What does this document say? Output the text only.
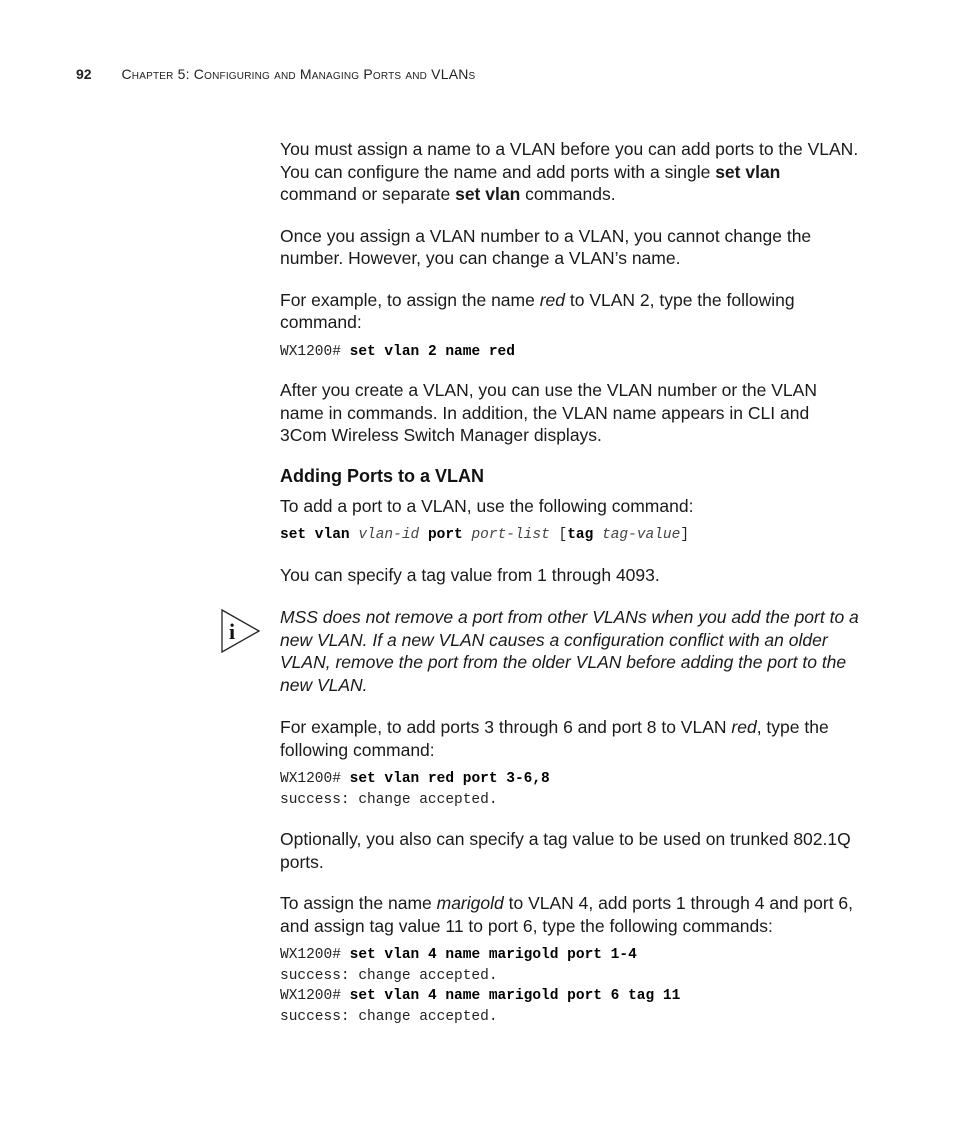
92 Chapter 5: Configuring and Managing Ports and VLANs
i

You must assign a name to a VLAN before you can add ports to the VLAN. You can configure the name and add ports with a single set vlan command or separate set vlan commands.

Once you assign a VLAN number to a VLAN, you cannot change the number. However, you can change a VLAN’s name.

For example, to assign the name red to VLAN 2, type the following command:

WX1200# set vlan 2 name red

After you create a VLAN, you can use the VLAN number or the VLAN name in commands. In addition, the VLAN name appears in CLI and 3Com Wireless Switch Manager displays.

Adding Ports to a VLAN

To add a port to a VLAN, use the following command:

set vlan vlan-id port port-list [tag tag-value]

You can specify a tag value from 1 through 4093.

MSS does not remove a port from other VLANs when you add the port to a new VLAN. If a new VLAN causes a configuration conflict with an older VLAN, remove the port from the older VLAN before adding the port to the new VLAN.

For example, to add ports 3 through 6 and port 8 to VLAN red, type the following command:

WX1200# set vlan red port 3-6,8
success: change accepted.

Optionally, you also can specify a tag value to be used on trunked 802.1Q ports.

To assign the name marigold to VLAN 4, add ports 1 through 4 and port 6, and assign tag value 11 to port 6, type the following commands:

WX1200# set vlan 4 name marigold port 1-4
success: change accepted.
WX1200# set vlan 4 name marigold port 6 tag 11
success: change accepted.
